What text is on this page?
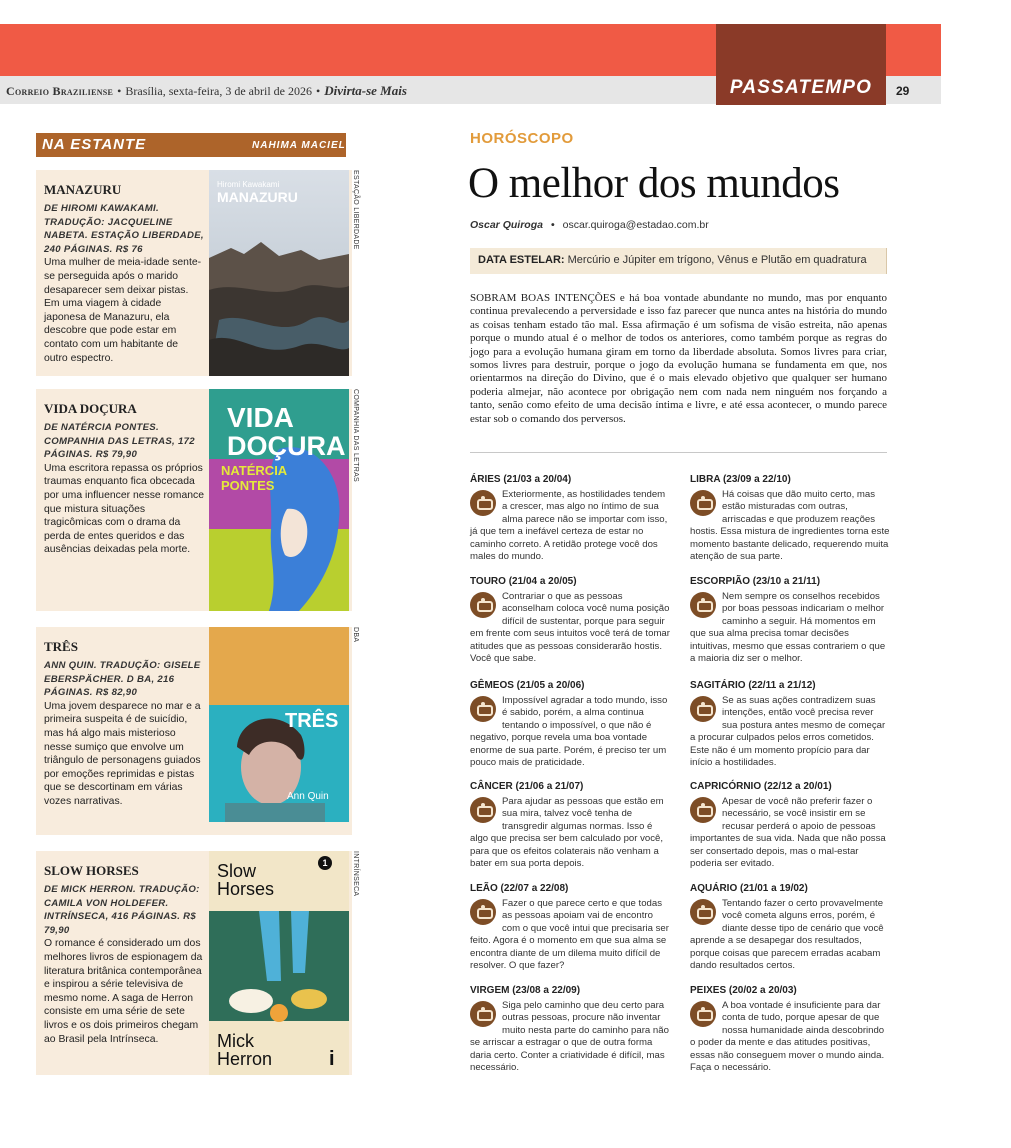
Correio Braziliense • Brasília, sexta-feira, 3 de abril de 2026 • Divirta-se Mais	PASSATEMPO	29
NA ESTANTE	NAHIMA MACIEL
MANAZURU
DE HIROMI KAWAKAMI. TRADUÇÃO: JACQUELINE NABETA. ESTAÇÃO LIBERDADE, 240 PÁGINAS. R$ 76
Uma mulher de meia-idade sente-se perseguida após o marido desaparecer sem deixar pistas. Em uma viagem à cidade japonesa de Manazuru, ela descobre que pode estar em contato com um habitante de outro espectro.
Hiromi Kawakami
MANAZURU	ESTAÇÃO LIBERDADE
VIDA DOÇURA
DE NATÉRCIA PONTES. COMPANHIA DAS LETRAS, 172 PÁGINAS. R$ 79,90
Uma escritora repassa os próprios traumas enquanto fica obcecada por uma influencer nesse romance que mistura situações tragicômicas com o drama da perda de entes queridos e das ausências deixadas pela morte.
VIDA
DOÇURA
NATÉRCIA
PONTES
COMPANHIA DAS LETRAS
TRÊS
ANN QUIN. TRADUÇÃO: GISELE EBERSPÄCHER. D BA, 216 PÁGINAS. R$ 82,90
Uma jovem desparece no mar e a primeira suspeita é de suicídio, mas há algo mais misterioso nesse sumiço que envolve um triângulo de personagens guiados por emoções reprimidas e pistas que se descortinam em várias vozes narrativas.
TRÊS
Ann Quin
DBA
SLOW HORSES
DE MICK HERRON. TRADUÇÃO: CAMILA VON HOLDEFER. INTRÍNSECA, 416 PÁGINAS. R$ 79,90
O romance é considerado um dos melhores livros de espionagem da literatura britânica contemporânea e inspirou a série televisiva de mesmo nome. A saga de Herron consiste em uma série de sete livros e os dois primeiros chegam ao Brasil pela Intrínseca.
1
Slow
Horses
Mick
Herron	i
INTRÍNSECA
HORÓSCOPO
O melhor dos mundos
Oscar Quiroga • oscar.quiroga@estadao.com.br
DATA ESTELAR: Mercúrio e Júpiter em trígono, Vênus e Plutão em quadratura
SOBRAM BOAS INTENÇÕES e há boa vontade abundante no mundo, mas por enquanto continua prevalecendo a perversidade e isso faz parecer que nunca antes na história do mundo as coisas tenham estado tão mal. Essa afirmação é um sofisma de visão estreita, não apenas porque o mundo atual é o melhor de todos os anteriores, como também porque as regras do jogo para a evolução humana giram em torno da liberdade absoluta. Somos livres para criar, somos livres para destruir, porque o jogo da evolução humana se fundamenta em que, nos orientarmos na direção do Divino, que é o mais elevado objetivo que qualquer ser humano poderia almejar, não acontece por obrigação nem com nada nem ninguém nos forçando a tanto, senão como efeito de uma decisão íntima e livre, e até essa acontecer, o mundo parece estar sob o comando dos perversos.
ÁRIES (21/03 a 20/04)
Exteriormente, as hostilidades tendem a crescer, mas algo no íntimo de sua alma parece não se importar com isso, já que tem a inefável certeza de estar no caminho correto. A retidão protege você dos males do mundo.
TOURO (21/04 a 20/05)
Contrariar o que as pessoas aconselham coloca você numa posição difícil de sustentar, porque para seguir em frente com seus intuitos você terá de tomar atitudes que as pessoas considerarão hostis. Você que sabe.
GÊMEOS (21/05 a 20/06)
Impossível agradar a todo mundo, isso é sabido, porém, a alma continua tentando o impossível, o que não é negativo, porque revela uma boa vontade enorme de sua parte. Porém, é preciso ter um pouco mais de praticidade.
CÂNCER (21/06 a 21/07)
Para ajudar as pessoas que estão em sua mira, talvez você tenha de transgredir algumas normas. Isso é algo que precisa ser bem calculado por você, para que os efeitos colaterais não venham a bater em sua porta depois.
LEÃO (22/07 a 22/08)
Fazer o que parece certo e que todas as pessoas apoiam vai de encontro com o que você intui que precisaria ser feito. Agora é o momento em que sua alma se encontra diante de um dilema muito difícil de resolver. O que fazer?
VIRGEM (23/08 a 22/09)
Siga pelo caminho que deu certo para outras pessoas, procure não inventar muito nesta parte do caminho para não se arriscar a estragar o que de outra forma daria certo. Conter a criatividade é difícil, mas necessário.
LIBRA (23/09 a 22/10)
Há coisas que dão muito certo, mas estão misturadas com outras, arriscadas e que produzem reações hostis. Essa mistura de ingredientes torna este momento bastante delicado, requerendo muita atenção de sua parte.
ESCORPIÃO (23/10 a 21/11)
Nem sempre os conselhos recebidos por boas pessoas indicariam o melhor caminho a seguir. Há momentos em que sua alma precisa tomar decisões intuitivas, mesmo que essas contrariem o que a maioria diz ser o melhor.
SAGITÁRIO (22/11 a 21/12)
Se as suas ações contradizem suas intenções, então você precisa rever sua postura antes mesmo de começar a procurar culpados pelos erros cometidos. Este não é um momento propício para dar início a hostilidades.
CAPRICÓRNIO (22/12 a 20/01)
Apesar de você não preferir fazer o necessário, se você insistir em se recusar perderá o apoio de pessoas importantes de sua vida. Nada que não possa ser consertado depois, mas o mal-estar poderia ser evitado.
AQUÁRIO (21/01 a 19/02)
Tentando fazer o certo provavelmente você cometa alguns erros, porém, é diante desse tipo de cenário que você aprende a se desapegar dos resultados, porque coisas que parecem erradas acabam dando resultados certos.
PEIXES (20/02 a 20/03)
A boa vontade é insuficiente para dar conta de tudo, porque apesar de que nossa humanidade ainda descobrindo o poder da mente e das atitudes positivas, essas não conseguem mover o mundo ainda. Faça o necessário.
